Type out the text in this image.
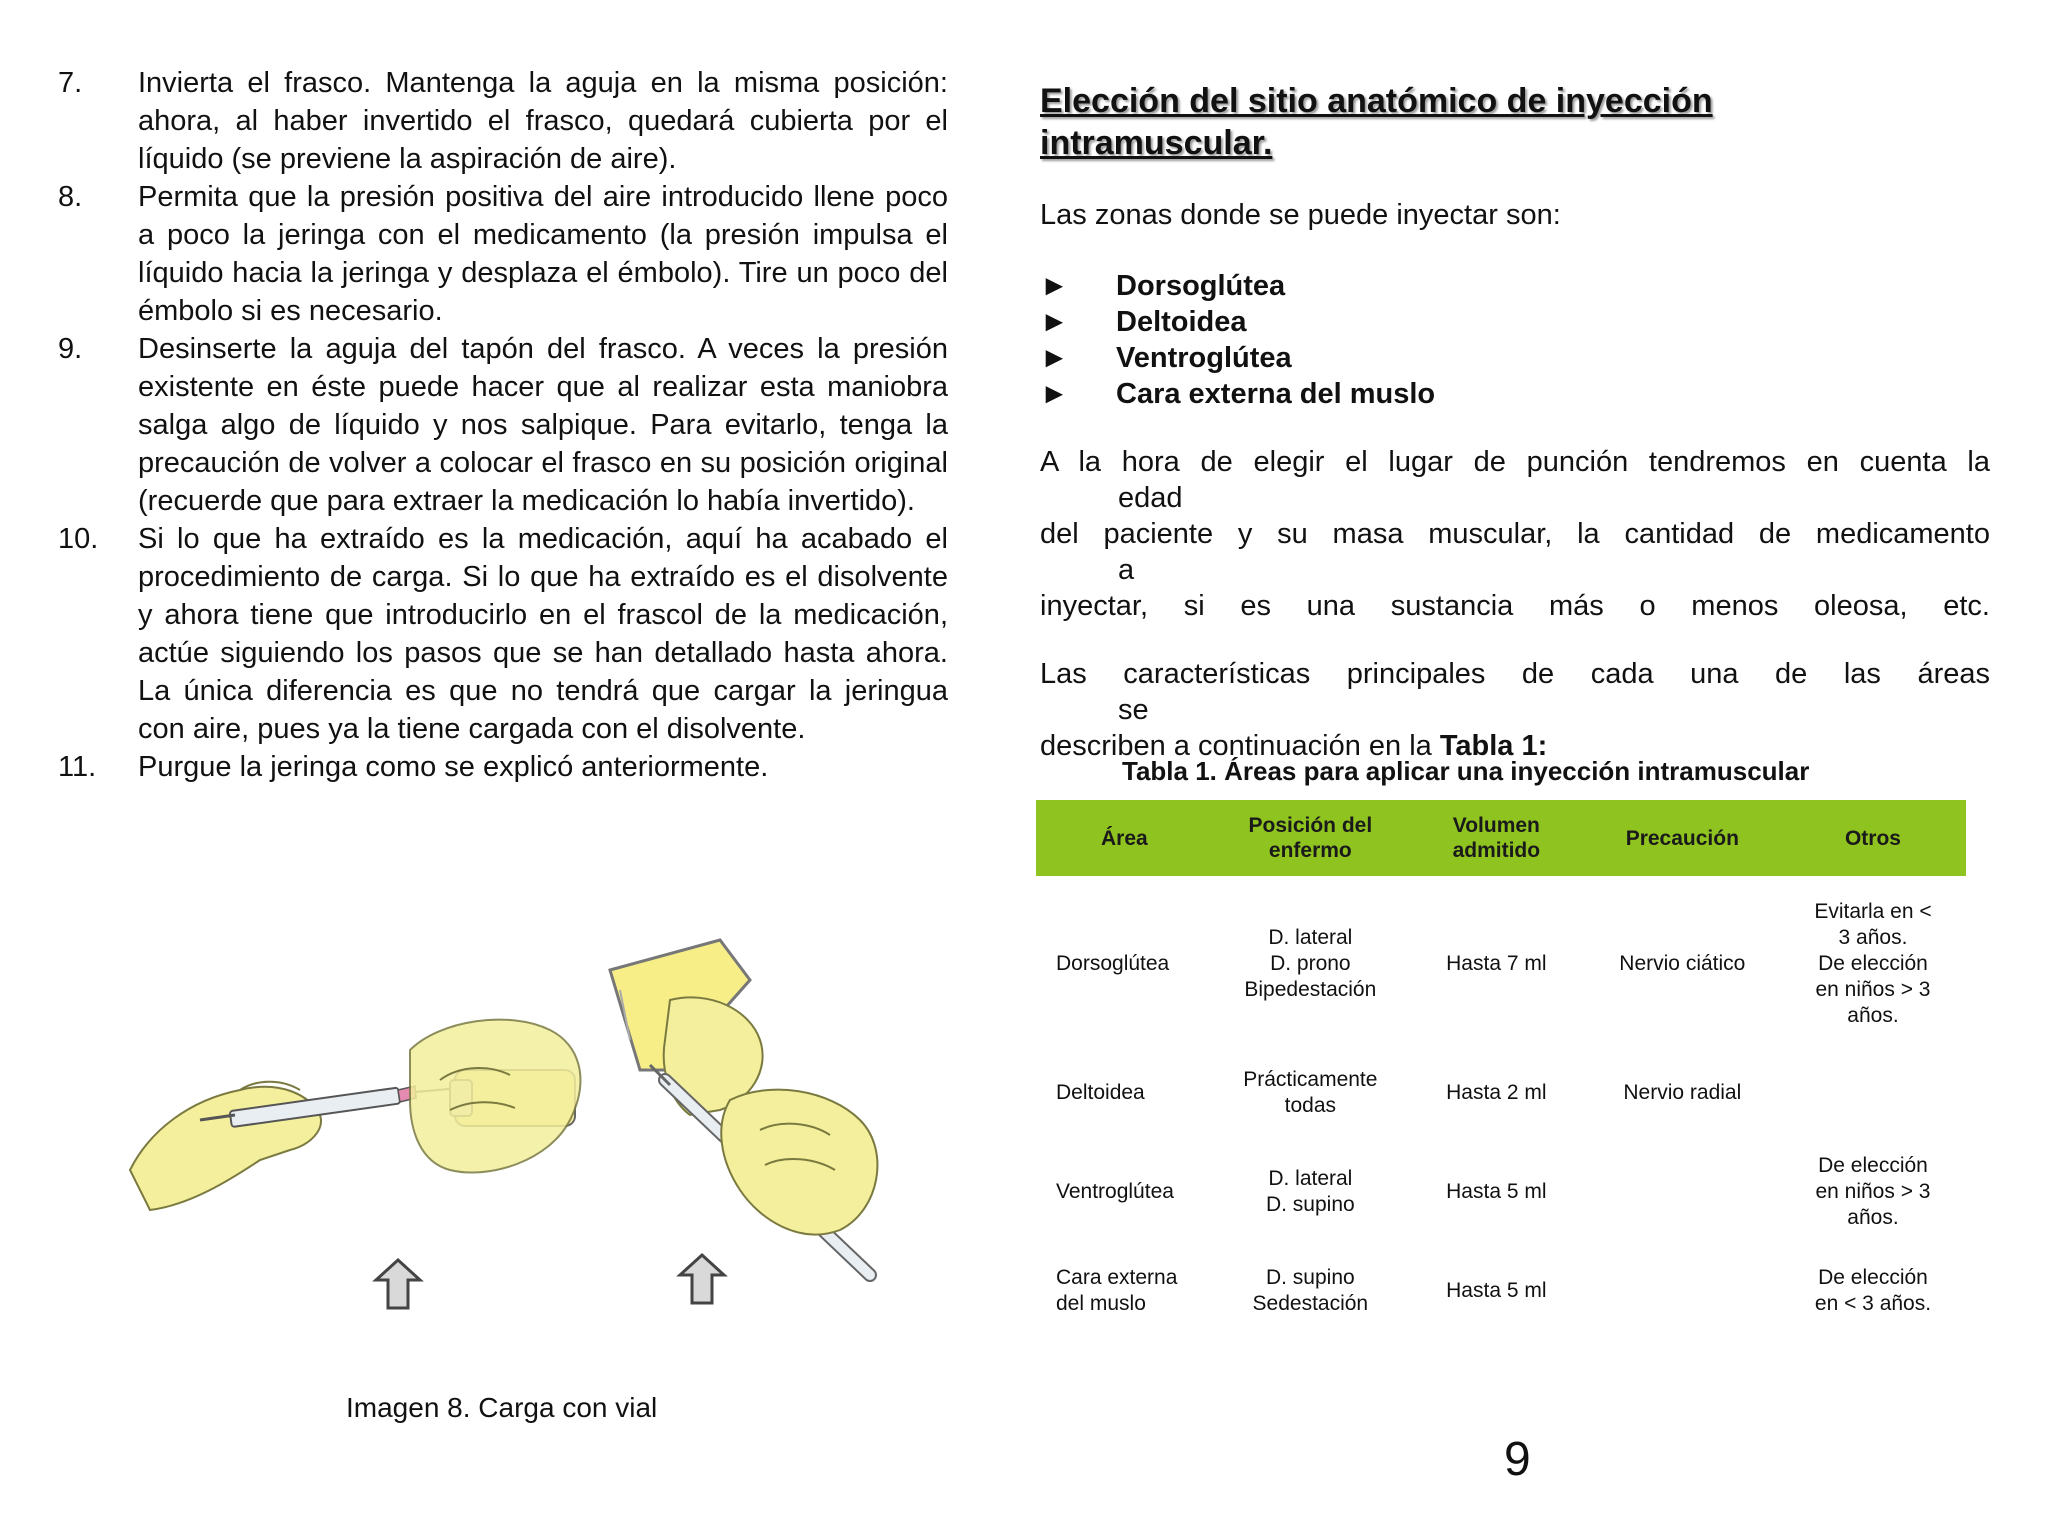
7.	Invierta el frasco. Mantenga la aguja en la misma posición: ahora, al haber invertido el frasco, quedará cubierta por el líquido (se previene la aspiración de aire).
8.	Permita que la presión positiva del aire introducido llene poco a poco la jeringa con el medicamento (la presión impulsa el líquido hacia la jeringa y desplaza el émbolo). Tire un poco del émbolo si es necesario.
9.	Desinserte la aguja del tapón del frasco. A veces la presión existente en éste puede hacer que al realizar esta maniobra salga algo de líquido y nos salpique. Para evitarlo, tenga la precaución de volver a colocar el frasco en su posición original (recuerde que para extraer la medicación lo había invertido).
10.	Si lo que ha extraído es la medicación, aquí ha acabado el procedimiento de carga. Si lo que ha extraído es el disolvente y ahora tiene que introducirlo en el frascol de la medicación, actúe siguiendo los pasos que se han detallado hasta ahora. La única diferencia es que no tendrá que cargar la jeringua con aire, pues ya la tiene cargada con el disolvente.
11.	Purgue la jeringa como se explicó anteriormente.
Imagen 8. Carga con vial
Elección del sitio anatómico de inyección intramuscular.

Las zonas donde se puede inyectar son:

►	Dorsoglútea
►	Deltoidea
►	Ventroglútea
►	Cara externa del muslo

A la hora de elegir el lugar de punción tendremos en cuenta la
edad
del paciente y su masa muscular, la cantidad de medicamento
a
inyectar, si es una sustancia más o menos oleosa, etc.

Las características principales de cada una de las áreas
se
describen a continuación en la Tabla 1:

Tabla 1. Áreas para aplicar una inyección intramuscular
Área	Posición del enfermo	Volumen admitido	Precaución	Otros
Dorsoglútea	D. lateral
D. prono
Bipedestación	Hasta 7 ml	Nervio ciático	Evitarla en <
3 años.
De elección
en niños > 3
años.
Deltoidea	Prácticamente
todas	Hasta 2 ml	Nervio radial	
Ventroglútea	D. lateral
D. supino	Hasta 5 ml		De elección
en niños > 3
años.
Cara externa
del muslo	D. supino
Sedestación	Hasta 5 ml		De elección
en < 3 años.
9
